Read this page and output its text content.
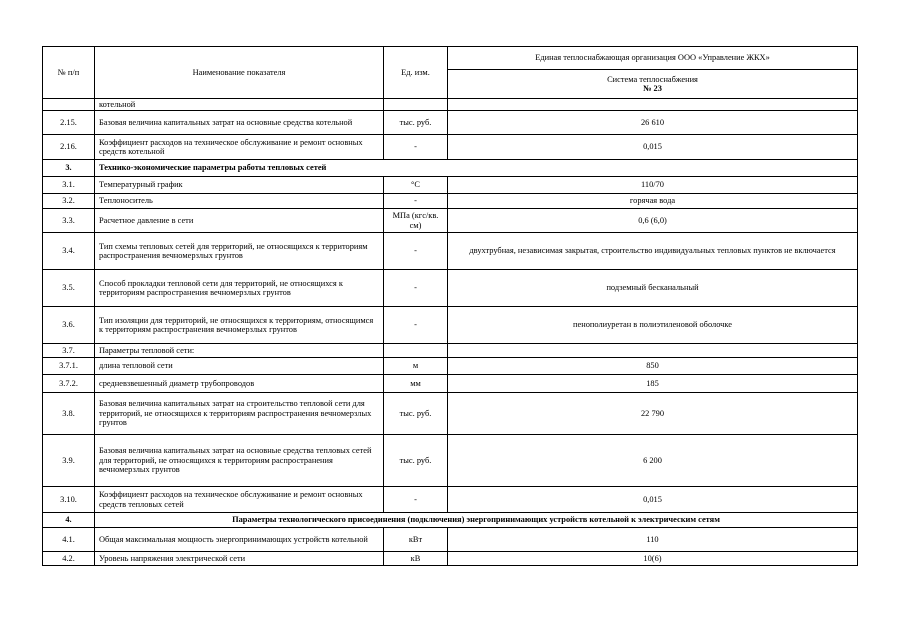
№ п/п	Наименование показателя	Ед. изм.	Единая теплоснабжающая организация ООО «Управление ЖКХ»
			Система теплоснабжения
№ 23

	котельной		
2.15.	Базовая величина капитальных затрат на основные средства котельной	тыс. руб.	26 610
2.16.	Коэффициент расходов на техническое обслуживание и ремонт основных средств котельной	-	0,015
3.	Технико-экономические параметры работы тепловых сетей		
3.1.	Температурный график	°C	110/70
3.2.	Теплоноситель	-	горячая вода
3.3.	Расчетное давление в сети	МПа (кгс/кв. см)	0,6 (6,0)
3.4.	Тип схемы тепловых сетей для территорий, не относящихся к территориям распространения вечномерзлых грунтов	-	двухтрубная, независимая закрытая, строительство индивидуальных тепловых пунктов не включается
3.5.	Способ прокладки тепловой сети для территорий, не относящихся к территориям распространения вечномерзлых грунтов	-	подземный бесканальный
3.6.	Тип изоляции для территорий, не относящихся к территориям, относящимся к территориям распространения вечномерзлых грунтов	-	пенополиуретан в полиэтиленовой оболочке
3.7.	Параметры тепловой сети:		
3.7.1.	длина тепловой сети	м	850
3.7.2.	средневзвешенный диаметр трубопроводов	мм	185
3.8.	Базовая величина капитальных затрат на строительство тепловой сети для территорий, не относящихся к территориям распространения вечномерзлых грунтов	тыс. руб.	22 790
3.9.	Базовая величина капитальных затрат на основные средства тепловых сетей для территорий, не относящихся к территориям распространения вечномерзлых грунтов	тыс. руб.	6 200
3.10.	Коэффициент расходов на техническое обслуживание и ремонт основных средств тепловых сетей	-	0,015
4.	Параметры технологического присоединения (подключения) энергопринимающих устройств котельной к электрическим сетям		
4.1.	Общая максимальная мощность энергопринимающих устройств котельной	кВт	110
4.2.	Уровень напряжения электрической сети	кВ	10(6)
